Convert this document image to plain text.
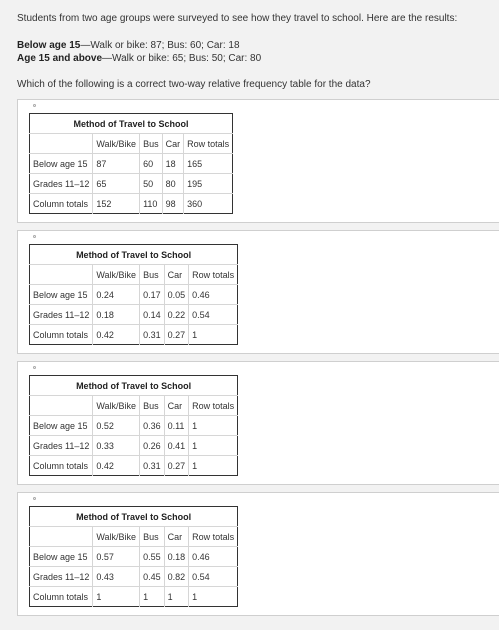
Students from two age groups were surveyed to see how they travel to school. Here are the results:
Below age 15—Walk or bike: 87; Bus: 60; Car: 18
Age 15 and above—Walk or bike: 65; Bus: 50; Car: 80
Which of the following is a correct two-way relative frequency table for the data?
Method of Travel to School				
	Walk/Bike	Bus	Car	Row totals
Below age 15	87	60	18	165
Grades 11–12	65	50	80	195
Column totals	152	110	98	360
Method of Travel to School				
	Walk/Bike	Bus	Car	Row totals
Below age 15	0.24	0.17	0.05	0.46
Grades 11–12	0.18	0.14	0.22	0.54
Column totals	0.42	0.31	0.27	1
Method of Travel to School				
	Walk/Bike	Bus	Car	Row totals
Below age 15	0.52	0.36	0.11	1
Grades 11–12	0.33	0.26	0.41	1
Column totals	0.42	0.31	0.27	1
Method of Travel to School				
	Walk/Bike	Bus	Car	Row totals
Below age 15	0.57	0.55	0.18	0.46
Grades 11–12	0.43	0.45	0.82	0.54
Column totals	1	1	1	1
